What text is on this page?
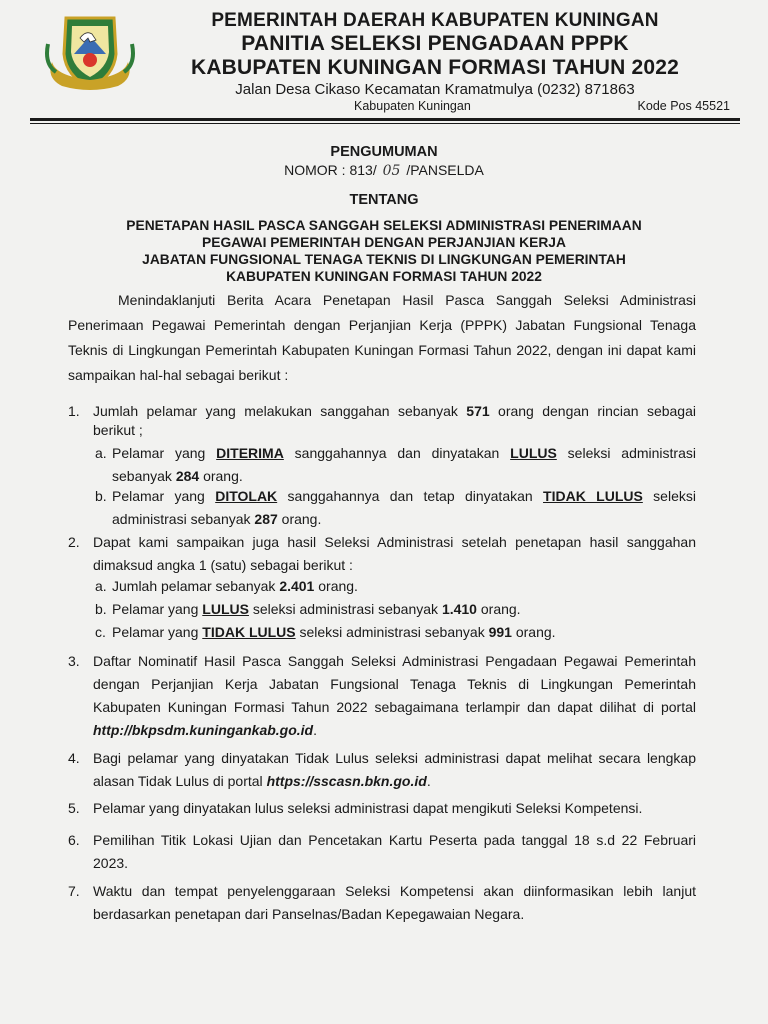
PEMERINTAH DAERAH KABUPATEN KUNINGAN
PANITIA SELEKSI PENGADAAN PPPK
KABUPATEN KUNINGAN FORMASI TAHUN 2022
Jalan Desa Cikaso Kecamatan Kramatmulya (0232) 871863
Kabupaten Kuningan	Kode Pos 45521
PENGUMUMAN
NOMOR : 813/ 05 /PANSELDA
TENTANG
PENETAPAN HASIL PASCA SANGGAH SELEKSI ADMINISTRASI PENERIMAAN
PEGAWAI PEMERINTAH DENGAN PERJANJIAN KERJA
JABATAN FUNGSIONAL TENAGA TEKNIS DI LINGKUNGAN PEMERINTAH
KABUPATEN KUNINGAN FORMASI TAHUN 2022
Menindaklanjuti Berita Acara Penetapan Hasil Pasca Sanggah Seleksi Administrasi Penerimaan Pegawai Pemerintah dengan Perjanjian Kerja (PPPK) Jabatan Fungsional Tenaga Teknis di Lingkungan Pemerintah Kabupaten Kuningan Formasi Tahun 2022, dengan ini dapat kami sampaikan hal-hal sebagai berikut :
1. Jumlah pelamar yang melakukan sanggahan sebanyak 571 orang dengan rincian sebagai berikut ;
a. Pelamar yang DITERIMA sanggahannya dan dinyatakan LULUS seleksi administrasi sebanyak 284 orang.
b. Pelamar yang DITOLAK sanggahannya dan tetap dinyatakan TIDAK LULUS seleksi administrasi sebanyak 287 orang.
2. Dapat kami sampaikan juga hasil Seleksi Administrasi setelah penetapan hasil sanggahan dimaksud angka 1 (satu) sebagai berikut :
a. Jumlah pelamar sebanyak 2.401 orang.
b. Pelamar yang LULUS seleksi administrasi sebanyak 1.410 orang.
c. Pelamar yang TIDAK LULUS seleksi administrasi sebanyak 991 orang.
3. Daftar Nominatif Hasil Pasca Sanggah Seleksi Administrasi Pengadaan Pegawai Pemerintah dengan Perjanjian Kerja Jabatan Fungsional Tenaga Teknis di Lingkungan Pemerintah Kabupaten Kuningan Formasi Tahun 2022 sebagaimana terlampir dan dapat dilihat di portal http://bkpsdm.kuningankab.go.id.
4. Bagi pelamar yang dinyatakan Tidak Lulus seleksi administrasi dapat melihat secara lengkap alasan Tidak Lulus di portal https://sscasn.bkn.go.id.
5. Pelamar yang dinyatakan lulus seleksi administrasi dapat mengikuti Seleksi Kompetensi.
6. Pemilihan Titik Lokasi Ujian dan Pencetakan Kartu Peserta pada tanggal 18 s.d 22 Februari 2023.
7. Waktu dan tempat penyelenggaraan Seleksi Kompetensi akan diinformasikan lebih lanjut berdasarkan penetapan dari Panselnas/Badan Kepegawaian Negara.
